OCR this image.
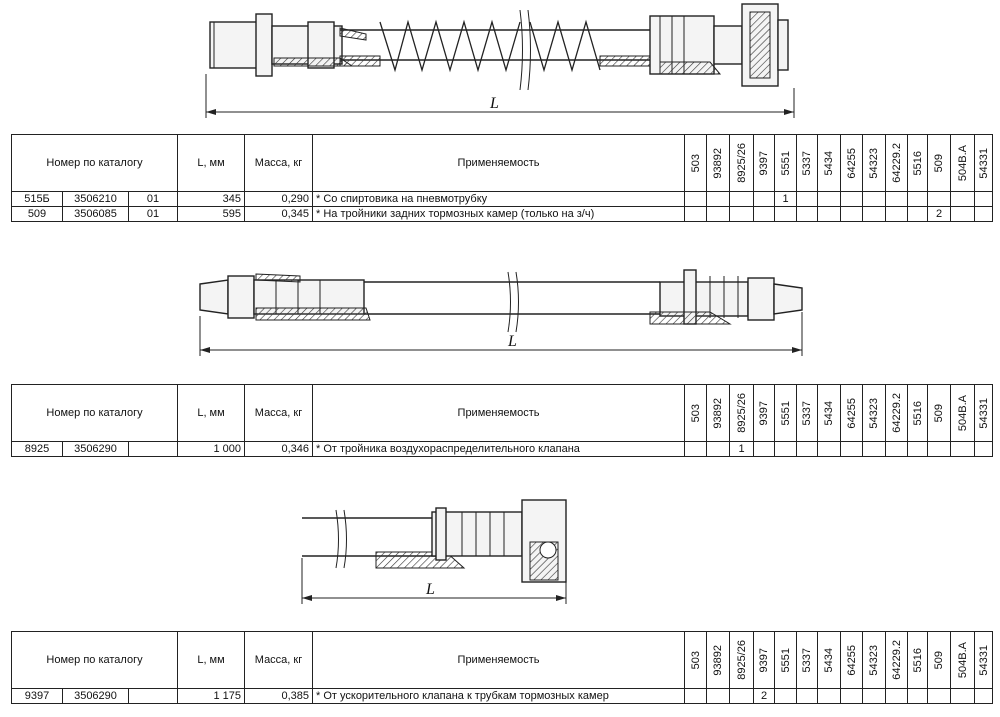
L
Номер по каталогу			L, мм	Масса, кг	Применяемость	503	93892	8925/26	9397	5551	5337	5434	64255	54323	64229.2	5516	509	504В.А	54331

515Б	3506210	01	345	0,290	* Со спиртовика на пневмотрубку					1									
509	3506085	01	595	0,345	* На тройники задних тормозных камер (только на з/ч)												2		
L
Номер по каталогу			L, мм	Масса, кг	Применяемость	503	93892	8925/26	9397	5551	5337	5434	64255	54323	64229.2	5516	509	504В.А	54331

8925	3506290		1 000	0,346	* От тройника воздухораспределительного клапана			1											
L
Номер по каталогу			L, мм	Масса, кг	Применяемость	503	93892	8925/26	9397	5551	5337	5434	64255	54323	64229.2	5516	509	504В.А	54331

9397	3506290		1 175	0,385	* От ускорительного клапана к трубкам тормозных камер				2										
